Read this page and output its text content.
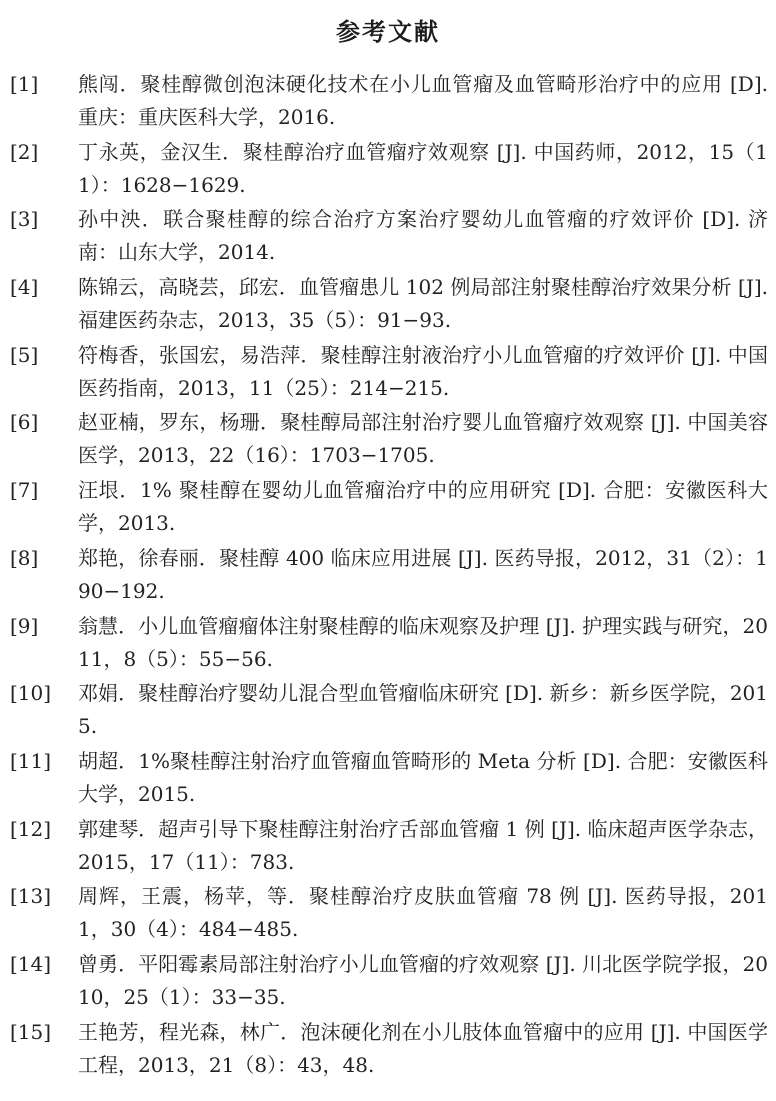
参考文献
[1]	熊闯．聚桂醇微创泡沫硬化技术在小儿血管瘤及血管畸形治疗中的应用 [D]. 重庆：重庆医科大学，2016.
[2]	丁永英，金汉生．聚桂醇治疗血管瘤疗效观察 [J]. 中国药师，2012，15（11）：1628−1629.
[3]	孙中泱．联合聚桂醇的综合治疗方案治疗婴幼儿血管瘤的疗效评价 [D]. 济南：山东大学，2014.
[4]	陈锦云，高晓芸，邱宏．血管瘤患儿 102 例局部注射聚桂醇治疗效果分析 [J]. 福建医药杂志，2013，35（5）：91−93.
[5]	符梅香，张国宏，易浩萍．聚桂醇注射液治疗小儿血管瘤的疗效评价 [J]. 中国医药指南，2013，11（25）：214−215.
[6]	赵亚楠，罗东，杨珊．聚桂醇局部注射治疗婴儿血管瘤疗效观察 [J]. 中国美容医学，2013，22（16）：1703−1705.
[7]	汪垠．1% 聚桂醇在婴幼儿血管瘤治疗中的应用研究 [D]. 合肥：安徽医科大学，2013.
[8]	郑艳，徐春丽．聚桂醇 400 临床应用进展 [J]. 医药导报，2012，31（2）：190−192.
[9]	翁慧．小儿血管瘤瘤体注射聚桂醇的临床观察及护理 [J]. 护理实践与研究，2011，8（5）：55−56.
[10]	邓娟．聚桂醇治疗婴幼儿混合型血管瘤临床研究 [D]. 新乡：新乡医学院，2015.
[11]	胡超．1%聚桂醇注射治疗血管瘤血管畸形的 Meta 分析 [D]. 合肥：安徽医科大学，2015.
[12]	郭建琴．超声引导下聚桂醇注射治疗舌部血管瘤 1 例 [J]. 临床超声医学杂志，2015，17（11）：783.
[13]	周辉，王震，杨苹，等．聚桂醇治疗皮肤血管瘤 78 例 [J]. 医药导报，2011，30（4）：484−485.
[14]	曾勇．平阳霉素局部注射治疗小儿血管瘤的疗效观察 [J]. 川北医学院学报，2010，25（1）：33−35.
[15]	王艳芳，程光森，林广．泡沫硬化剂在小儿肢体血管瘤中的应用 [J]. 中国医学工程，2013，21（8）：43，48.
